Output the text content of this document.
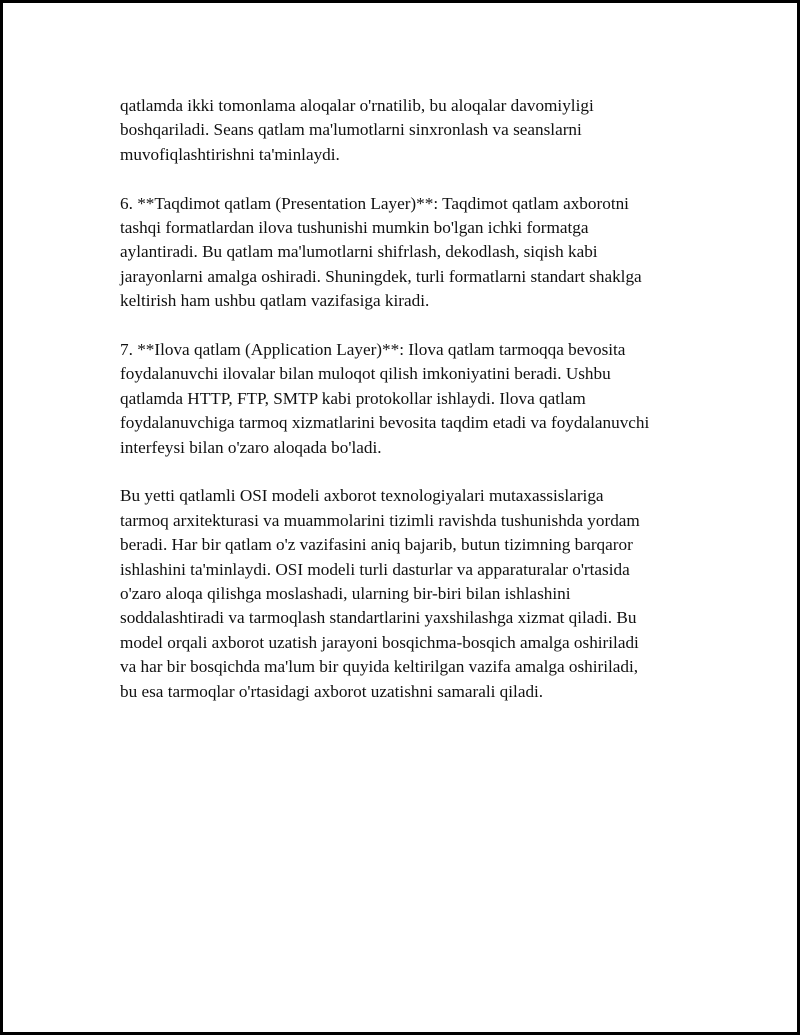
qatlamda ikki tomonlama aloqalar o'rnatilib, bu aloqalar davomiyligi
boshqariladi. Seans qatlam ma'lumotlarni sinxronlash va seanslarni
muvofiqlashtirishni ta'minlaydi.

6. **Taqdimot qatlam (Presentation Layer)**: Taqdimot qatlam axborotni
tashqi formatlardan ilova tushunishi mumkin bo'lgan ichki formatga
aylantiradi. Bu qatlam ma'lumotlarni shifrlash, dekodlash, siqish kabi
jarayonlarni amalga oshiradi. Shuningdek, turli formatlarni standart shaklga
keltirish ham ushbu qatlam vazifasiga kiradi.

7. **Ilova qatlam (Application Layer)**: Ilova qatlam tarmoqqa bevosita
foydalanuvchi ilovalar bilan muloqot qilish imkoniyatini beradi. Ushbu
qatlamda HTTP, FTP, SMTP kabi protokollar ishlaydi. Ilova qatlam
foydalanuvchiga tarmoq xizmatlarini bevosita taqdim etadi va foydalanuvchi
interfeysi bilan o'zaro aloqada bo'ladi.

Bu yetti qatlamli OSI modeli axborot texnologiyalari mutaxassislariga
tarmoq arxitekturasi va muammolarini tizimli ravishda tushunishda yordam
beradi. Har bir qatlam o'z vazifasini aniq bajarib, butun tizimning barqaror
ishlashini ta'minlaydi. OSI modeli turli dasturlar va apparaturalar o'rtasida
o'zaro aloqa qilishga moslashadi, ularning bir-biri bilan ishlashini
soddalashtiradi va tarmoqlash standartlarini yaxshilashga xizmat qiladi. Bu
model orqali axborot uzatish jarayoni bosqichma-bosqich amalga oshiriladi
va har bir bosqichda ma'lum bir quyida keltirilgan vazifa amalga oshiriladi,
bu esa tarmoqlar o'rtasidagi axborot uzatishni samarali qiladi.
